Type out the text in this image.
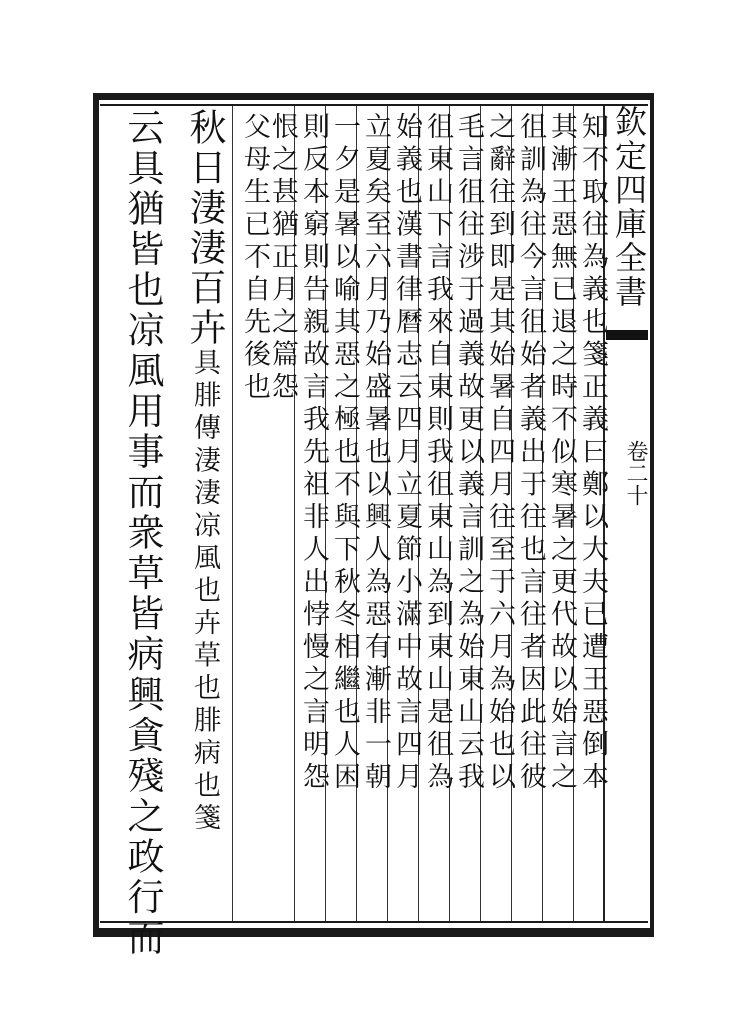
欽定四庫全書
卷二十
其漸王惡無已退之時不似寒暑之更代故以始言之
徂訓為往今言徂始者義出于往也言往者因此往彼
之辭往到即是其始暑自四月往至于六月為始也以
毛言徂往涉于過義故更以義言訓之為始東山云我
徂東山下言我來自東則我徂東山為到東山是徂為
始義也漢書律曆志云四月立夏節小滿中故言四月
立夏矣至六月乃始盛暑也以興人為惡有漸非一朝
一夕是暑以喻其惡之極也不與下秋冬相繼也人困
則反本窮則告親故言我先祖非人出悖慢之言明怨
秋日淒淒百卉具腓傳淒淒凉風也卉草也腓病也箋
云具猶皆也凉風用事而衆草皆病興貪殘之政行而	恨之甚猶正月之篇怨
父母生已不自先後也	知不取往為義也箋正義曰鄭以大夫已遭王惡倒本
